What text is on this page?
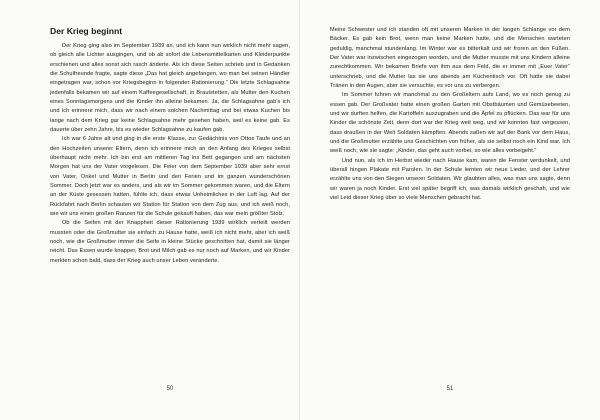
Der Krieg beginnt

Der Krieg ging also im September 1939 an, und ich kann nun wirklich nicht mehr sagen, ob gleich alle Lichter ausgingen, und ob ab sofort die Lebensmittelkarten und Kleiderpunkte erschienen und alles sonst sich rasch änderte. Als ich diese Seiten schrieb und in Gedanken die Schulfreunde fragte, sagte diese „Das hat gleich angefangen, wo man bei seinen Händler eingetragen war, schon vor Kriegsbeginn in folgender Rationierung.“ Die letzte Schlagsahne jedenfalls bekamen wir auf einem Kaffeegesellschaft, in Brautstetten, als Mutter den Kuchen eines Sonntagsmorgens und die Kinder ihn alleine bekamen. Ja, die Schlagsahne gab's ich und ich erinnere mich, dass wir nach einem solchen Nachmittag und bei etwas Kuchen bis lange nach dem Krieg gar keine Schlagsahne mehr gesehen haben, weil es keine gab. Es dauerte über zehn Jahre, bis es wieder Schlagsahne zu kaufen gab.

Ich war 6 Jahre alt und ging in die erste Klasse, zur Gedächtnis von Ottos Taufe und an den Hochzeiten unserer Eltern, denn ich erinnere mich an den Anfang des Krieges selbst überhaupt nicht mehr. Ich bin erst am mittleren Tag ins Bett gegangen und am nächsten Morgen hat uns der Vater vorgelesen. Die Feier von dem September 1939 aber sehr ernst von Vater, Onkel und Mutter in Berlin und den Ferien und im ganzen wunderschönen Sommer. Doch jetzt war es anders, und als wir im Sommer gekommen waren, und die Eltern an der Küste gesessen hatten, fühlte ich, dass etwas Unheimliches in der Luft lag. Auf der Rückfahrt nach Berlin schauten wir Station für Station von dem Zug aus, und ich weiß noch, wie wir uns einen großen Ranzen für die Schule gekauft haben, das war mein größter Stolz.

Ob die Seifen mit der Knappheit dieser Rationierung 1939 wirklich verteilt werden mussten oder die Großmutter sie einfach zu Hause hatte, weiß ich nicht mehr, aber ich weiß noch, wie die Großmutter immer die Seife in kleine Stücke geschnitten hat, damit sie länger reicht. Das Essen wurde knapper, Brot und Milch gab es nur noch auf Marken, und wir Kinder merkten schon bald, dass der Krieg auch unser Leben veränderte.

Meine Schwester und ich standen oft mit unseren Marken in der langen Schlange vor dem Bäcker. Es gab kein Brot, wenn man keine Marken hatte, und die Menschen warteten geduldig, manchmal stundenlang. Im Winter war es bitterkalt und wir froren an den Füßen. Der Vater war inzwischen eingezogen worden, und die Mutter musste mit uns Kindern alleine zurechtkommen. Wir bekamen Briefe von ihm aus dem Feld, die er immer mit „Euer Vater“ unterschrieb, und die Mutter las sie uns abends am Küchentisch vor. Oft hatte sie dabei Tränen in den Augen, aber sie versuchte, es vor uns zu verbergen.

Im Sommer fuhren wir manchmal zu den Großeltern aufs Land, wo es noch genug zu essen gab. Der Großvater hatte einen großen Garten mit Obstbäumen und Gemüsebeeten, und wir durften helfen, die Kartoffeln auszugraben und die Äpfel zu pflücken. Das war für uns Kinder die schönste Zeit, denn dort war der Krieg weit weg, und wir konnten fast vergessen, dass draußen in der Welt Soldaten kämpften. Abends saßen wir auf der Bank vor dem Haus, und die Großmutter erzählte uns Geschichten von früher, als sie selbst noch ein Kind war. Ich weiß noch, wie sie sagte: „Kinder, das geht auch vorbei, so wie alles vorbeigeht.“

Und nun, als ich im Herbst wieder nach Hause kam, waren die Fenster verdunkelt, und überall hingen Plakate mit Parolen. In der Schule lernten wir neue Lieder, und der Lehrer erzählte uns von den Siegen unserer Soldaten. Wir glaubten alles, was man uns sagte, denn wir waren ja noch Kinder. Erst viel später begriff ich, was damals wirklich geschah, und wie viel Leid dieser Krieg über so viele Menschen gebracht hat.

50	51
